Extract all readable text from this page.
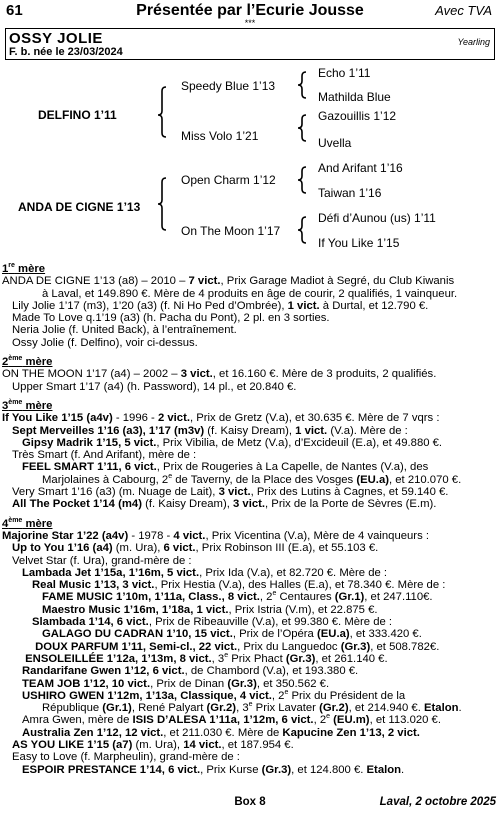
61	Présentée par l’Ecurie Jousse	Avec TVA
***
OSSY JOLIE	Yearling
F. b. née le 23/03/2024
DELFINO 1’11
ANDA DE CIGNE 1’13
Speedy Blue 1’13
Miss Volo 1’21
Open Charm 1’12
On The Moon 1’17
Echo 1’11
Mathilda Blue
Gazouillis 1’12
Uvella
And Arifant 1’16
Taiwan 1’16
Défi d’Aunou (us) 1’11
If You Like 1’15
1re mère
ANDA DE CIGNE 1’13 (a8) – 2010 – 7 vict., Prix Garage Madiot à Segré, du Club Kiwanis
à Laval, et 149.890 €. Mère de 4 produits en âge de courir, 2 qualifiés, 1 vainqueur.
Lily Jolie 1’17 (m3), 1’20 (a3) (f. Ni Ho Ped d’Ombrée), 1 vict. à Durtal, et 12.790 €.
Made To Love q.1’19 (a3) (h. Pacha du Pont), 2 pl. en 3 sorties.
Neria Jolie (f. United Back), à l’entraînement.
Ossy Jolie (f. Delfino), voir ci-dessus.
2ème mère
ON THE MOON 1’17 (a4) – 2002 – 3 vict., et 16.160 €. Mère de 3 produits, 2 qualifiés.
Upper Smart 1’17 (a4) (h. Password), 14 pl., et 20.840 €.
3ème mère
If You Like 1’15 (a4v) - 1996 - 2 vict., Prix de Gretz (V.a), et 30.635 €. Mère de 7 vqrs :
Sept Merveilles 1’16 (a3), 1’17 (m3v) (f. Kaisy Dream), 1 vict. (V.a). Mère de :
Gipsy Madrik 1’15, 5 vict., Prix Vibilia, de Metz (V.a), d’Excideuil (E.a), et 49.880 €.
Très Smart (f. And Arifant), mère de :
FEEL SMART 1’11, 6 vict., Prix de Rougeries à La Capelle, de Nantes (V.a), des
Marjolaines à Cabourg, 2e de Taverny, de la Place des Vosges (EU.a), et 210.070 €.
Very Smart 1’16 (a3) (m. Nuage de Lait), 3 vict., Prix des Lutins à Cagnes, et 59.140 €.
All The Pocket 1’14 (m4) (f. Kaisy Dream), 3 vict., Prix de la Porte de Sèvres (E.m).
4ème mère
Majorine Star 1’22 (a4v) - 1978 - 4 vict., Prix Vicentina (V.a), Mère de 4 vainqueurs :
Up to You 1’16 (a4) (m. Ura), 6 vict., Prix Robinson III (E.a), et 55.103 €.
Velvet Star (f. Ura), grand-mère de :
Lambada Jet 1’15a, 1’16m, 5 vict., Prix Ida (V.a), et 82.720 €. Mère de :
Real Music 1’13, 3 vict., Prix Hestia (V.a), des Halles (E.a), et 78.340 €. Mère de :
FAME MUSIC 1’10m, 1’11a, Class., 8 vict., 2e Centaures (Gr.1), et 247.110€.
Maestro Music 1’16m, 1’18a, 1 vict., Prix Istria (V.m), et 22.875 €.
Slambada 1’14, 6 vict., Prix de Ribeauville (V.a), et 99.380 €. Mère de :
GALAGO DU CADRAN 1’10, 15 vict., Prix de l’Opéra (EU.a), et 333.420 €.
DOUX PARFUM 1’11, Semi-cl., 22 vict., Prix du Languedoc (Gr.3), et 508.782€.
ENSOLEILLÉE 1’12a, 1’13m, 8 vict., 3e Prix Phact (Gr.3), et 261.140 €.
Randarifane Gwen 1’12, 6 vict., de Chambord (V.a), et 193.380 €.
TEAM JOB 1’12, 10 vict., Prix de Dinan (Gr.3), et 350.562 €.
USHIRO GWEN 1’12m, 1’13a, Classique, 4 vict., 2e Prix du Président de la
République (Gr.1), René Palyart (Gr.2), 3e Prix Lavater (Gr.2), et 214.940 €. Etalon.
Amra Gwen, mère de ISIS D’ALESA 1’11a, 1’12m, 6 vict., 2e (EU.m), et 113.020 €.
Australia Zen 1’12, 12 vict., et 211.030 €. Mère de Kapucine Zen 1’13, 2 vict.
AS YOU LIKE 1’15 (a7) (m. Ura), 14 vict., et 187.954 €.
Easy to Love (f. Marpheulin), grand-mère de :
ESPOIR PRESTANCE 1’14, 6 vict., Prix Kurse (Gr.3), et 124.800 €. Etalon.
Box 8	Laval, 2 octobre 2025
